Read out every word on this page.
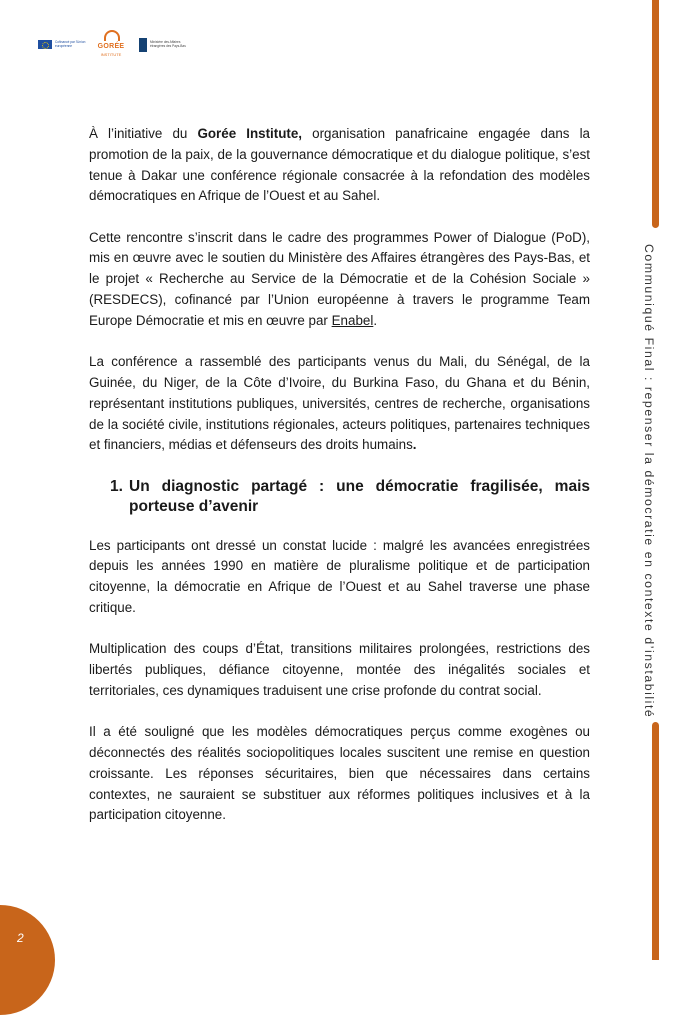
Cofinancé par l'Union européenne	GORÉE
INSTITUTE
Ministère des Affaires étrangères des Pays-Bas

À l’initiative du Gorée Institute, organisation panafricaine engagée dans la promotion de la paix, de la gouvernance démocratique et du dialogue politique, s’est tenue à Dakar une conférence régionale consacrée à la refondation des modèles démocratiques en Afrique de l’Ouest et au Sahel.

Cette rencontre s’inscrit dans le cadre des programmes Power of Dialogue (PoD), mis en œuvre avec le soutien du Ministère des Affaires étrangères des Pays-Bas, et le projet « Recherche au Service de la Démocratie et de la Cohésion Sociale » (RESDECS), cofinancé par l’Union européenne à travers le programme Team Europe Démocratie et mis en œuvre par Enabel.

La conférence a rassemblé des participants venus du Mali, du Sénégal, de la Guinée, du Niger, de la Côte d’Ivoire, du Burkina Faso, du Ghana et du Bénin, représentant institutions publiques, universités, centres de recherche, organisations de la société civile, institutions régionales, acteurs politiques, partenaires techniques et financiers, médias et défenseurs des droits humains.

1. Un diagnostic partagé : une démocratie fragilisée, mais porteuse d’avenir

Les participants ont dressé un constat lucide : malgré les avancées enregistrées depuis les années 1990 en matière de pluralisme politique et de participation citoyenne, la démocratie en Afrique de l’Ouest et au Sahel traverse une phase critique.

Multiplication des coups d’État, transitions militaires prolongées, restrictions des libertés publiques, défiance citoyenne, montée des inégalités sociales et territoriales, ces dynamiques traduisent une crise profonde du contrat social.

Il a été souligné que les modèles démocratiques perçus comme exogènes ou déconnectés des réalités sociopolitiques locales suscitent une remise en question croissante. Les réponses sécuritaires, bien que nécessaires dans certains contextes, ne sauraient se substituer aux réformes politiques inclusives et à la participation citoyenne.

Communiqué Final : repenser la démocratie en contexte d’instabilité
2
